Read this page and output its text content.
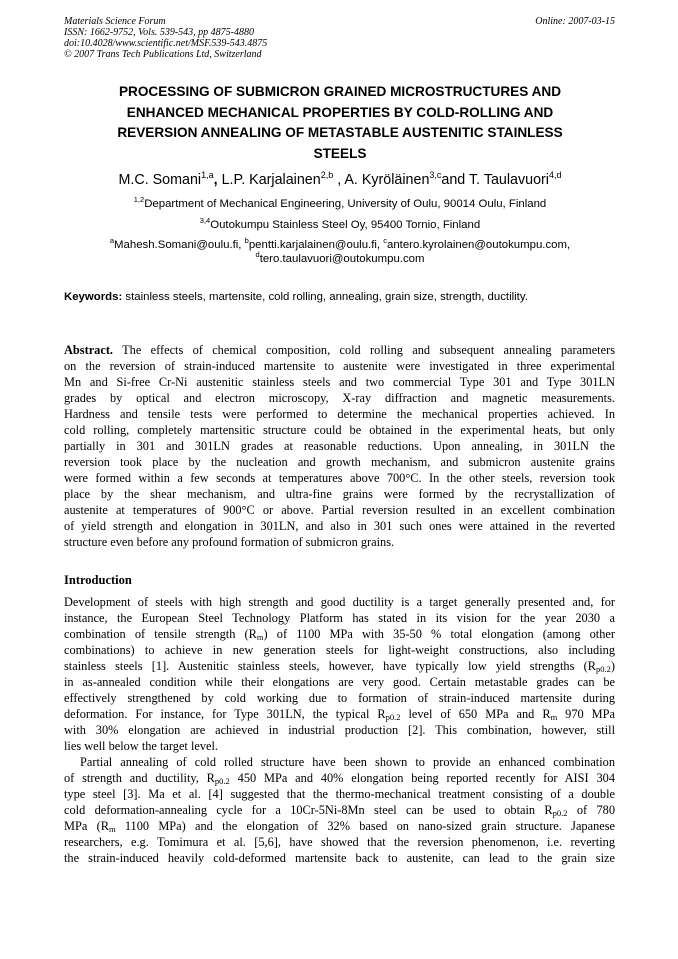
Materials Science Forum
ISSN: 1662-9752, Vols. 539-543, pp 4875-4880
doi:10.4028/www.scientific.net/MSF.539-543.4875
© 2007 Trans Tech Publications Ltd, Switzerland
Online: 2007-03-15
PROCESSING OF SUBMICRON GRAINED MICROSTRUCTURES AND
ENHANCED MECHANICAL PROPERTIES BY COLD-ROLLING AND
REVERSION ANNEALING OF METASTABLE AUSTENITIC STAINLESS
STEELS
M.C. Somani$^{1,a}$, L.P. Karjalainen$^{2,b}$ , A. Kyröläinen$^{3,c}$and T. Taulavuori$^{4,d}$
$^{1,2}$Department of Mechanical Engineering, University of Oulu, 90014 Oulu, Finland
$^{3,4}$Outokumpu Stainless Steel Oy, 95400 Tornio, Finland
$^a$Mahesh.Somani@oulu.fi, $^b$pentti.karjalainen@oulu.fi, $^c$antero.kyrolainen@outokumpu.com,
$^d$tero.taulavuori@outokumpu.com
Keywords: stainless steels, martensite, cold rolling, annealing, grain size, strength, ductility.
Abstract. The effects of chemical composition, cold rolling and subsequent annealing parameters
on the reversion of strain-induced martensite to austenite were investigated in three experimental
Mn and Si-free Cr-Ni austenitic stainless steels and two commercial Type 301 and Type 301LN
grades by optical and electron microscopy, X-ray diffraction and magnetic measurements.
Hardness and tensile tests were performed to determine the mechanical properties achieved. In
cold rolling, completely martensitic structure could be obtained in the experimental heats, but only
partially in 301 and 301LN grades at reasonable reductions. Upon annealing, in 301LN the
reversion took place by the nucleation and growth mechanism, and submicron austenite grains
were formed within a few seconds at temperatures above 700°C. In the other steels, reversion took
place by the shear mechanism, and ultra-fine grains were formed by the recrystallization of
austenite at temperatures of 900°C or above. Partial reversion resulted in an excellent combination
of yield strength and elongation in 301LN, and also in 301 such ones were attained in the reverted
structure even before any profound formation of submicron grains.
Introduction
Development of steels with high strength and good ductility is a target generally presented and, for
instance, the European Steel Technology Platform has stated in its vision for the year 2030 a
combination of tensile strength $(R_m)$ of 1100 MPa with 35-50 % total elongation (among other
combinations) to achieve in new generation steels for light-weight constructions, also including
stainless steels [1]. Austenitic stainless steels, however, have typically low yield strengths $(R_{p0.2})$
in as-annealed condition while their elongations are very good. Certain metastable grades can be
effectively strengthened by cold working due to formation of strain-induced martensite during
deformation. For instance, for Type 301LN, the typical $R_{p0.2}$ level of 650 MPa and $R_m$ 970 MPa
with 30% elongation are achieved in industrial production [2]. This combination, however, still
lies well below the target level.
Partial annealing of cold rolled structure have been shown to provide an enhanced combination
of strength and ductility, $R_{p0.2}$ 450 MPa and 40% elongation being reported recently for AISI 304
type steel [3]. Ma et al. [4] suggested that the thermo-mechanical treatment consisting of a double
cold deformation-annealing cycle for a 10Cr-5Ni-8Mn steel can be used to obtain $R_{p0.2}$ of 780
MPa ($R_m$ 1100 MPa) and the elongation of 32% based on nano-sized grain structure. Japanese
researchers, e.g. Tomimura et al. [5,6], have showed that the reversion phenomenon, i.e. reverting
the strain-induced heavily cold-deformed martensite back to austenite, can lead to the grain size
